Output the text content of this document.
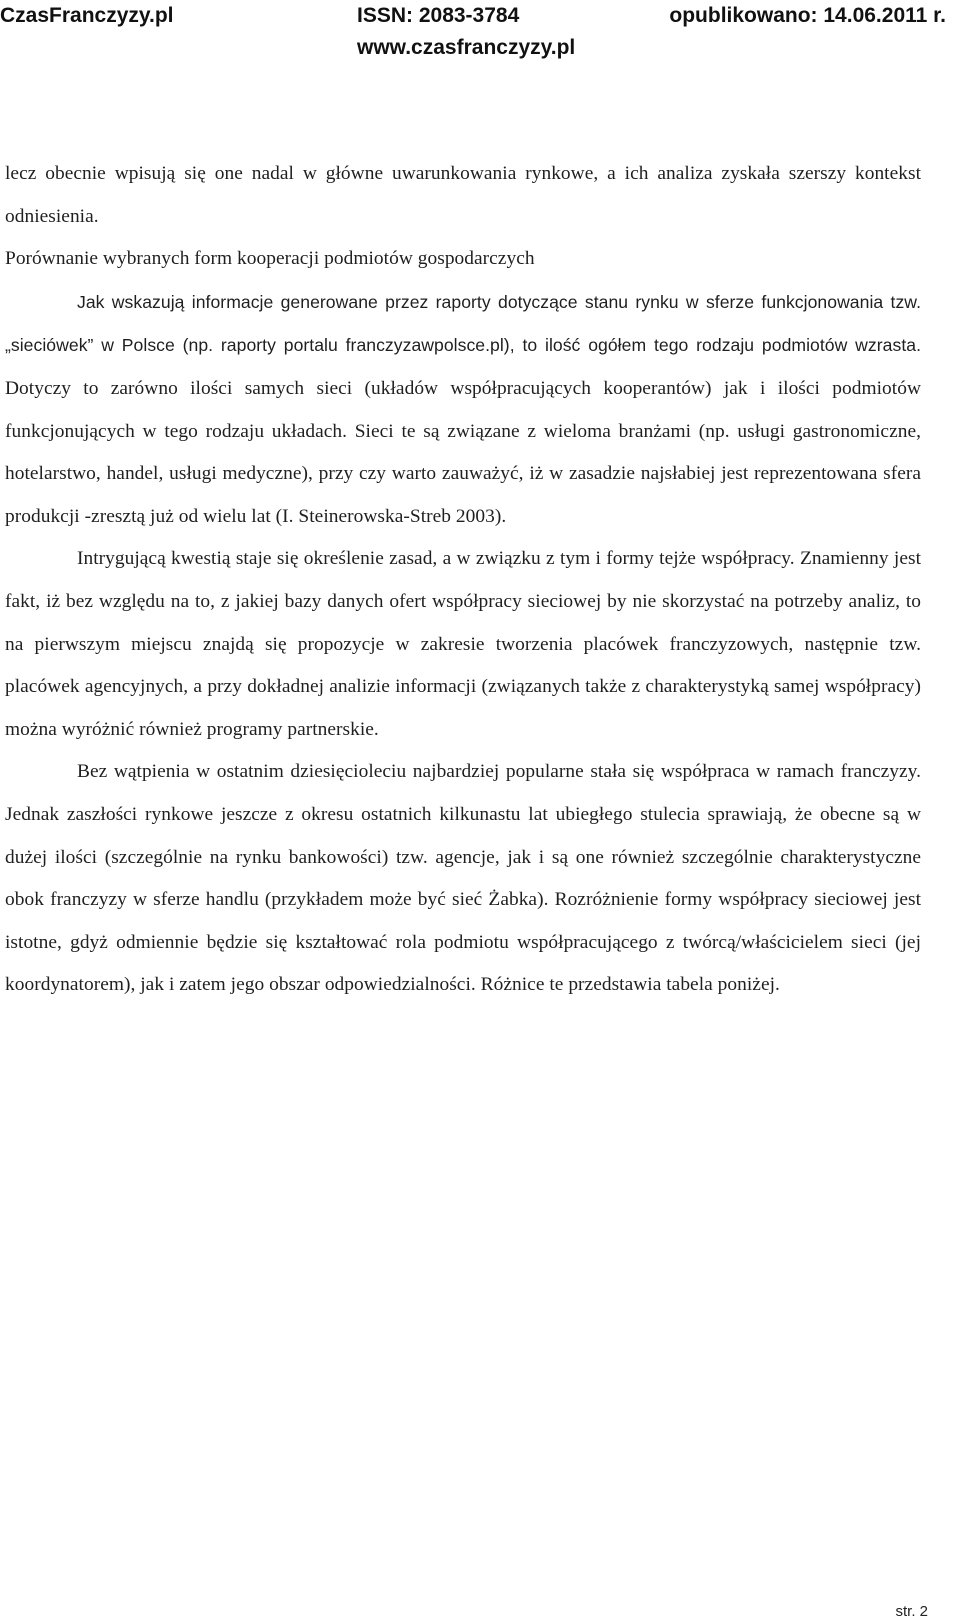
CzasFranczyzy.pl	ISSN: 2083-3784	opublikowano: 14.06.2011 r.
www.czasfranczyzy.pl

lecz obecnie wpisują się one nadal w główne uwarunkowania rynkowe, a ich analiza zyskała szerszy kontekst odniesienia.

Porównanie wybranych form kooperacji podmiotów gospodarczych

Jak wskazują informacje generowane przez raporty dotyczące stanu rynku w sferze funkcjonowania tzw. „sieciówek” w Polsce (np. raporty portalu franczyzawpolsce.pl), to ilość ogółem tego rodzaju podmiotów wzrasta. Dotyczy to zarówno ilości samych sieci (układów współpracujących kooperantów) jak i ilości podmiotów funkcjonujących w tego rodzaju układach. Sieci te są związane z wieloma branżami (np. usługi gastronomiczne, hotelarstwo, handel, usługi medyczne), przy czy warto zauważyć, iż w zasadzie najsłabiej jest reprezentowana sfera produkcji -zresztą już od wielu lat (I. Steinerowska-Streb 2003).

Intrygującą kwestią staje się określenie zasad, a w związku z tym i formy tejże współpracy. Znamienny jest fakt, iż bez względu na to, z jakiej bazy danych ofert współpracy sieciowej by nie skorzystać na potrzeby analiz, to na pierwszym miejscu znajdą się propozycje w zakresie tworzenia placówek franczyzowych, następnie tzw. placówek agencyjnych, a przy dokładnej analizie informacji (związanych także z charakterystyką samej współpracy) można wyróżnić również programy partnerskie.

Bez wątpienia w ostatnim dziesięcioleciu najbardziej popularne stała się współpraca w ramach franczyzy. Jednak zaszłości rynkowe jeszcze z okresu ostatnich kilkunastu lat ubiegłego stulecia sprawiają, że obecne są w dużej ilości (szczególnie na rynku bankowości) tzw. agencje, jak i są one również szczególnie charakterystyczne obok franczyzy w sferze handlu (przykładem może być sieć Żabka). Rozróżnienie formy współpracy sieciowej jest istotne, gdyż odmiennie będzie się kształtować rola podmiotu współpracującego z twórcą/właścicielem sieci (jej koordynatorem), jak i zatem jego obszar odpowiedzialności. Różnice te przedstawia tabela poniżej.

str. 2
